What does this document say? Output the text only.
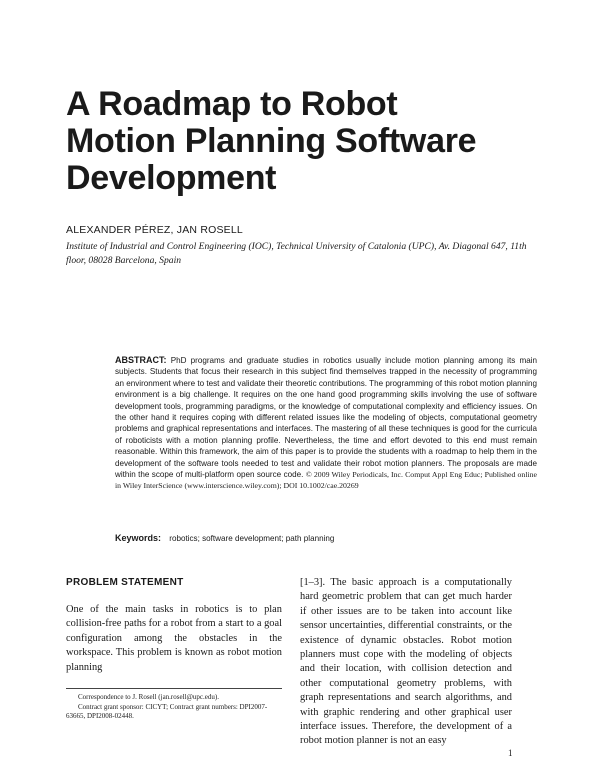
A Roadmap to Robot
Motion Planning Software
Development
ALEXANDER PÉREZ, JAN ROSELL
Institute of Industrial and Control Engineering (IOC), Technical University of Catalonia (UPC), Av. Diagonal 647, 11th floor, 08028 Barcelona, Spain

ABSTRACT: PhD programs and graduate studies in robotics usually include motion planning among its main subjects. Students that focus their research in this subject find themselves trapped in the necessity of programming an environment where to test and validate their theoretic contributions. The programming of this robot motion planning environment is a big challenge. It requires on the one hand good programming skills involving the use of software development tools, programming paradigms, or the knowledge of computational complexity and efficiency issues. On the other hand it requires coping with different related issues like the modeling of objects, computational geometry problems and graphical representations and interfaces. The mastering of all these techniques is good for the curricula of roboticists with a motion planning profile. Nevertheless, the time and effort devoted to this end must remain reasonable. Within this framework, the aim of this paper is to provide the students with a roadmap to help them in the development of the software tools needed to test and validate their robot motion planners. The proposals are made within the scope of multi-platform open source code. © 2009 Wiley Periodicals, Inc. Comput Appl Eng Educ; Published online in Wiley InterScience (www.interscience.wiley.com); DOI 10.1002/cae.20269

Keywords: robotics; software development; path planning
PROBLEM STATEMENT

One of the main tasks in robotics is to plan collision-free paths for a robot from a start to a goal configuration among the obstacles in the workspace. This problem is known as robot motion planning

[1–3]. The basic approach is a computationally hard geometric problem that can get much harder if other issues are to be taken into account like sensor uncertainties, differential constraints, or the existence of dynamic obstacles. Robot motion planners must cope with the modeling of objects and their location, with collision detection and other computational geometry problems, with graph representations and search algorithms, and with graphic rendering and other graphical user interface issues. Therefore, the development of a robot motion planner is not an easy

Correspondence to J. Rosell (jan.rosell@upc.edu).

Contract grant sponsor: CICYT; Contract grant numbers: DPI2007-63665, DPI2008-02448.

1
